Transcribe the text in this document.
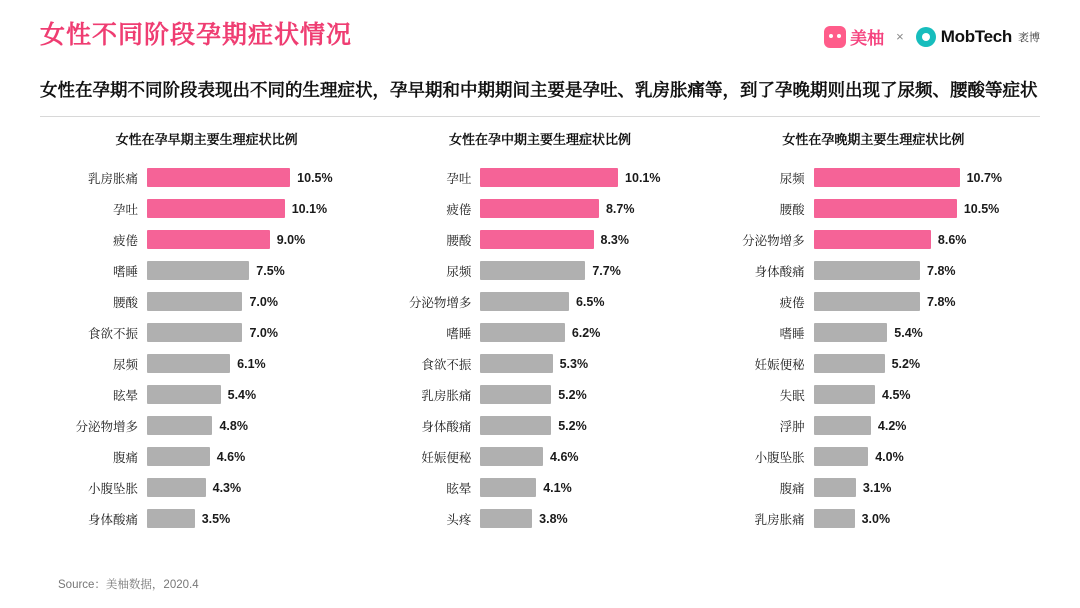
女性不同阶段孕期症状情况	美柚 × MobTech 袤博
女性在孕期不同阶段表现出不同的生理症状，孕早期和中期期间主要是孕吐、乳房胀痛等，到了孕晚期则出现了尿频、腰酸等症状
女性在孕早期主要生理症状比例
乳房胀痛	10.5%
孕吐	10.1%
疲倦	9.0%
嗜睡	7.5%
腰酸	7.0%
食欲不振	7.0%
尿频	6.1%
眩晕	5.4%
分泌物增多	4.8%
腹痛	4.6%
小腹坠胀	4.3%
身体酸痛	3.5%
女性在孕中期主要生理症状比例
孕吐	10.1%
疲倦	8.7%
腰酸	8.3%
尿频	7.7%
分泌物增多	6.5%
嗜睡	6.2%
食欲不振	5.3%
乳房胀痛	5.2%
身体酸痛	5.2%
妊娠便秘	4.6%
眩晕	4.1%
头疼	3.8%
女性在孕晚期主要生理症状比例
尿频	10.7%
腰酸	10.5%
分泌物增多	8.6%
身体酸痛	7.8%
疲倦	7.8%
嗜睡	5.4%
妊娠便秘	5.2%
失眠	4.5%
浮肿	4.2%
小腹坠胀	4.0%
腹痛	3.1%
乳房胀痛	3.0%
Source：美柚数据，2020.4
